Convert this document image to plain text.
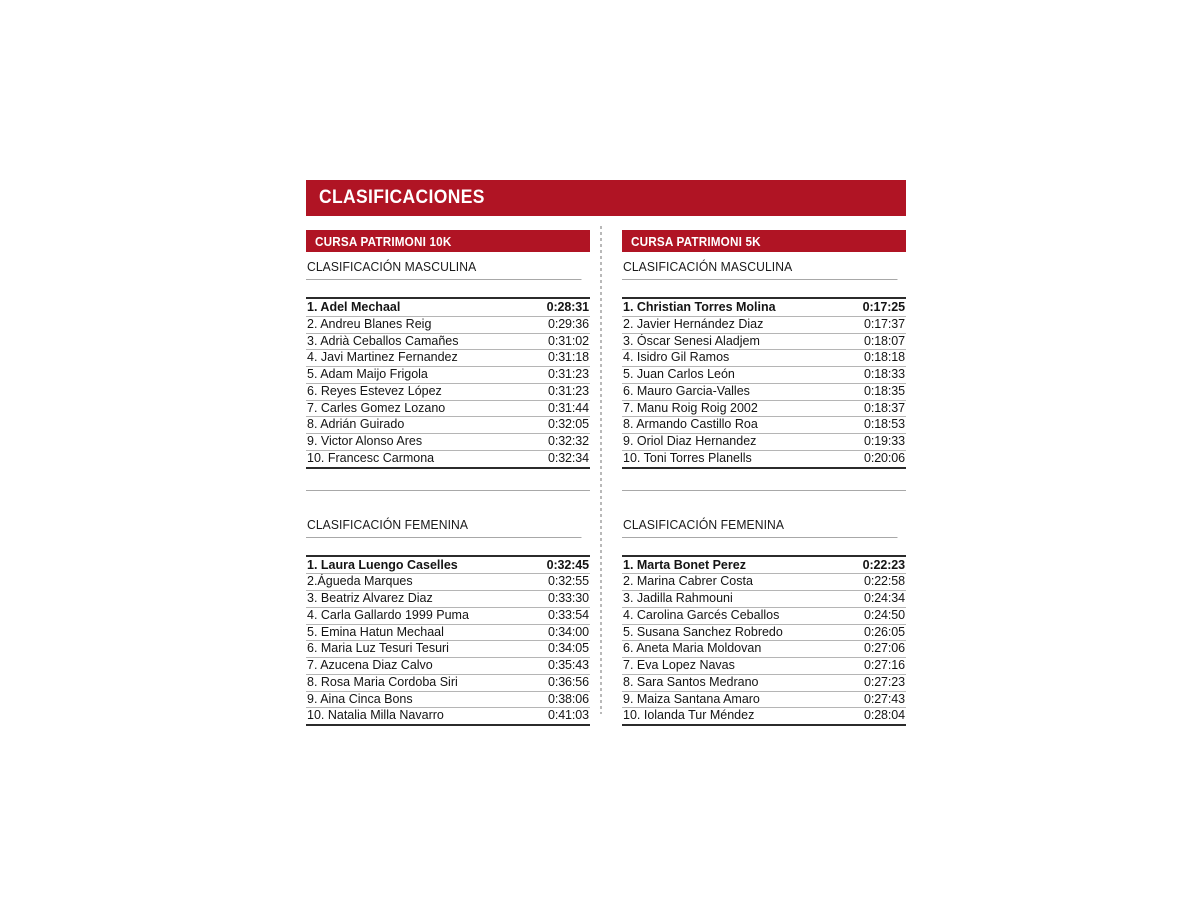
CLASIFICACIONES
CURSA PATRIMONI 10K
CLASIFICACIÓN MASCULINA
1. Adel Mechaal	0:28:31
2. Andreu Blanes Reig	0:29:36
3. Adrià Ceballos Camañes	0:31:02
4. Javi Martinez Fernandez	0:31:18
5. Adam Maijo Frigola	0:31:23
6. Reyes Estevez López	0:31:23
7. Carles Gomez Lozano	0:31:44
8. Adrián Guirado	0:32:05
9. Victor Alonso Ares	0:32:32
10. Francesc Carmona	0:32:34
CLASIFICACIÓN FEMENINA
1. Laura Luengo Caselles	0:32:45
2.Águeda Marques	0:32:55
3. Beatriz Alvarez Diaz	0:33:30
4. Carla Gallardo 1999 Puma	0:33:54
5. Emina Hatun Mechaal	0:34:00
6. Maria Luz Tesuri Tesuri	0:34:05
7. Azucena Diaz Calvo	0:35:43
8. Rosa Maria Cordoba Siri	0:36:56
9. Aina Cinca Bons	0:38:06
10. Natalia Milla Navarro	0:41:03
CURSA PATRIMONI 5K
CLASIFICACIÓN MASCULINA
1. Christian Torres Molina	0:17:25
2. Javier Hernández Diaz	0:17:37
3. Óscar Senesi Aladjem	0:18:07
4. Isidro Gil Ramos	0:18:18
5. Juan Carlos León	0:18:33
6. Mauro Garcia-Valles	0:18:35
7. Manu Roig Roig 2002	0:18:37
8. Armando Castillo Roa	0:18:53
9. Oriol Diaz Hernandez	0:19:33
10. Toni Torres Planells	0:20:06
CLASIFICACIÓN FEMENINA
1. Marta Bonet Perez	0:22:23
2. Marina Cabrer Costa	0:22:58
3. Jadilla Rahmouni	0:24:34
4. Carolina Garcés Ceballos	0:24:50
5. Susana Sanchez Robredo	0:26:05
6. Aneta Maria Moldovan	0:27:06
7. Eva Lopez Navas	0:27:16
8. Sara Santos Medrano	0:27:23
9. Maiza Santana Amaro	0:27:43
10. Iolanda Tur Méndez	0:28:04
